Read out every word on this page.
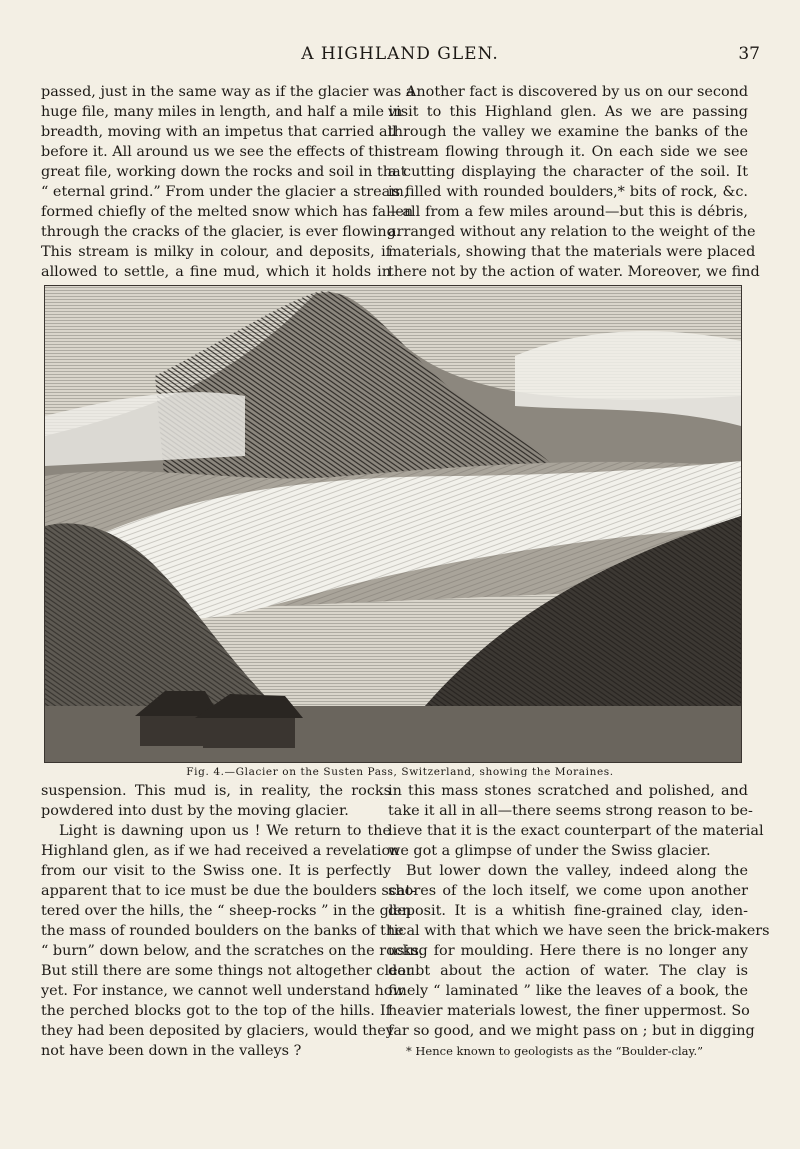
A HIGHLAND GLEN.	37
passed, just in the same way as if the glacier was a
huge file, many miles in length, and half a mile in
breadth, moving with an impetus that carried all
before it. All around us we see the effects of this
great file, working down the rocks and soil in that
“ eternal grind.” From under the glacier a stream,
formed chiefly of the melted snow which has fallen
through the cracks of the glacier, is ever flowing.
This stream is milky in colour, and deposits, if
allowed to settle, a fine mud, which it holds in
Another fact is discovered by us on our second
visit to this Highland glen. As we are passing
through the valley we examine the banks of the
stream flowing through it. On each side we see
a cutting displaying the character of the soil. It
is filled with rounded boulders,* bits of rock, &c.
—all from a few miles around—but this is débris,
arranged without any relation to the weight of the
materials, showing that the materials were placed
there not by the action of water. Moreover, we find
Fig. 4.—Glacier on the Susten Pass, Switzerland, showing the Moraines.
suspension. This mud is, in reality, the rocks
powdered into dust by the moving glacier.
Light is dawning upon us ! We return to the
Highland glen, as if we had received a revelation
from our visit to the Swiss one. It is perfectly
apparent that to ice must be due the boulders scat-
tered over the hills, the “ sheep-rocks ” in the glen
the mass of rounded boulders on the banks of the
“ burn” down below, and the scratches on the rocks.
But still there are some things not altogether clear
yet. For instance, we cannot well understand how
the perched blocks got to the top of the hills. If
they had been deposited by glaciers, would they
not have been down in the valleys ?
in this mass stones scratched and polished, and
take it all in all—there seems strong reason to be-
lieve that it is the exact counterpart of the material
we got a glimpse of under the Swiss glacier.
But lower down the valley, indeed along the
shores of the loch itself, we come upon another
deposit. It is a whitish fine-grained clay, iden-
tical with that which we have seen the brick-makers
using for moulding. Here there is no longer any
doubt about the action of water. The clay is
finely “ laminated ” like the leaves of a book, the
heavier materials lowest, the finer uppermost. So
far so good, and we might pass on ; but in digging
* Hence known to geologists as the “Boulder-clay.”
